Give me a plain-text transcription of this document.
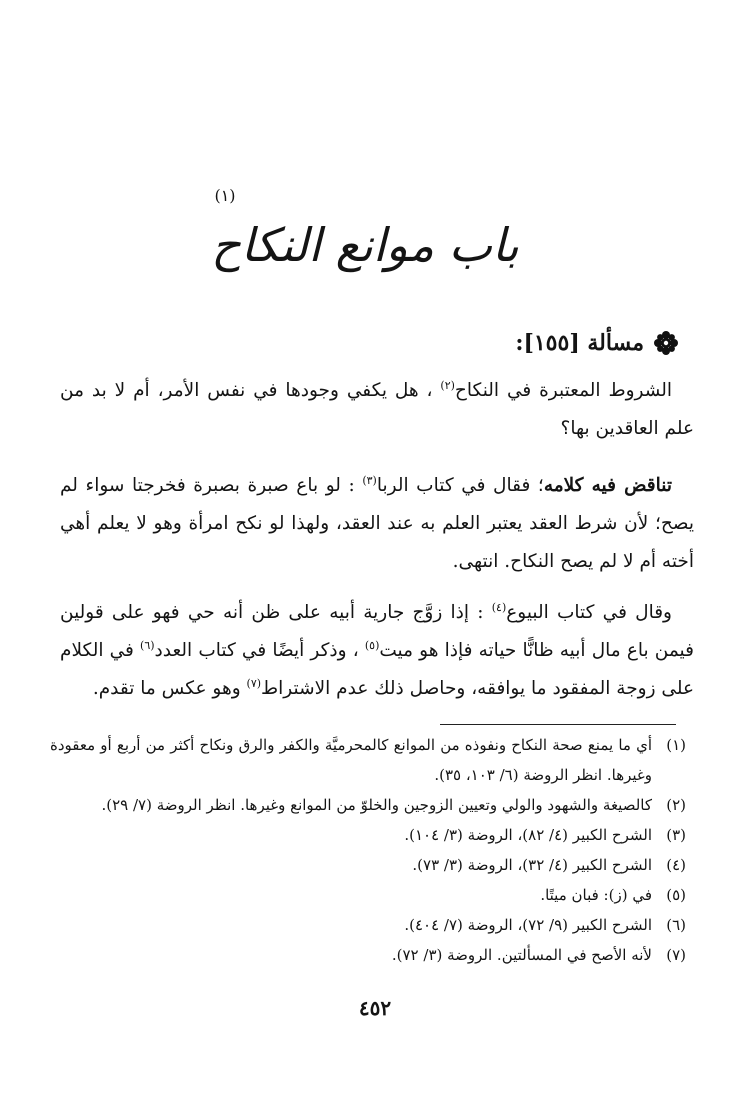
(١)
باب موانع النكاح
مسألة [١٥٥]:

الشروط المعتبرة في النكاح$^{(٢)}$ ، هل يكفي وجودها في نفس الأمر، أم لا بد من علم العاقدين بها؟

تناقض فيه كلامه؛ فقال في كتاب الربا$^{(٣)}$ : لو باع صبرة بصبرة فخرجتا سواء لم يصح؛ لأن شرط العقد يعتبر العلم به عند العقد، ولهذا لو نكح امرأة وهو لا يعلم أهي أخته أم لا لم يصح النكاح. انتهى.

وقال في كتاب البيوع$^{(٤)}$ : إذا زوَّج جارية أبيه على ظن أنه حي فهو على قولين فيمن باع مال أبيه ظانًّا حياته فإذا هو ميت$^{(٥)}$ ، وذكر أيضًا في كتاب العدد$^{(٦)}$ في الكلام على زوجة المفقود ما يوافقه، وحاصل ذلك عدم الاشتراط$^{(٧)}$ وهو عكس ما تقدم.

(١)
أي ما يمنع صحة النكاح ونفوذه من الموانع كالمحرميَّة والكفر والرق ونكاح أكثر من أربع أو معقودة وغيرها. انظر الروضة (٦/ ١٠٣، ٣٥).
(٢)
كالصيغة والشهود والولي وتعيين الزوجين والخلوّ من الموانع وغيرها. انظر الروضة (٧/ ٢٩).
(٣)
الشرح الكبير (٤/ ٨٢)، الروضة (٣/ ١٠٤).
(٤)
الشرح الكبير (٤/ ٣٢)، الروضة (٣/ ٧٣).
(٥)
في (ز): فبان ميتًا.
(٦)
الشرح الكبير (٩/ ٧٢)، الروضة (٧/ ٤٠٤).
(٧)
لأنه الأصح في المسألتين. الروضة (٣/ ٧٢).
٤٥٢
